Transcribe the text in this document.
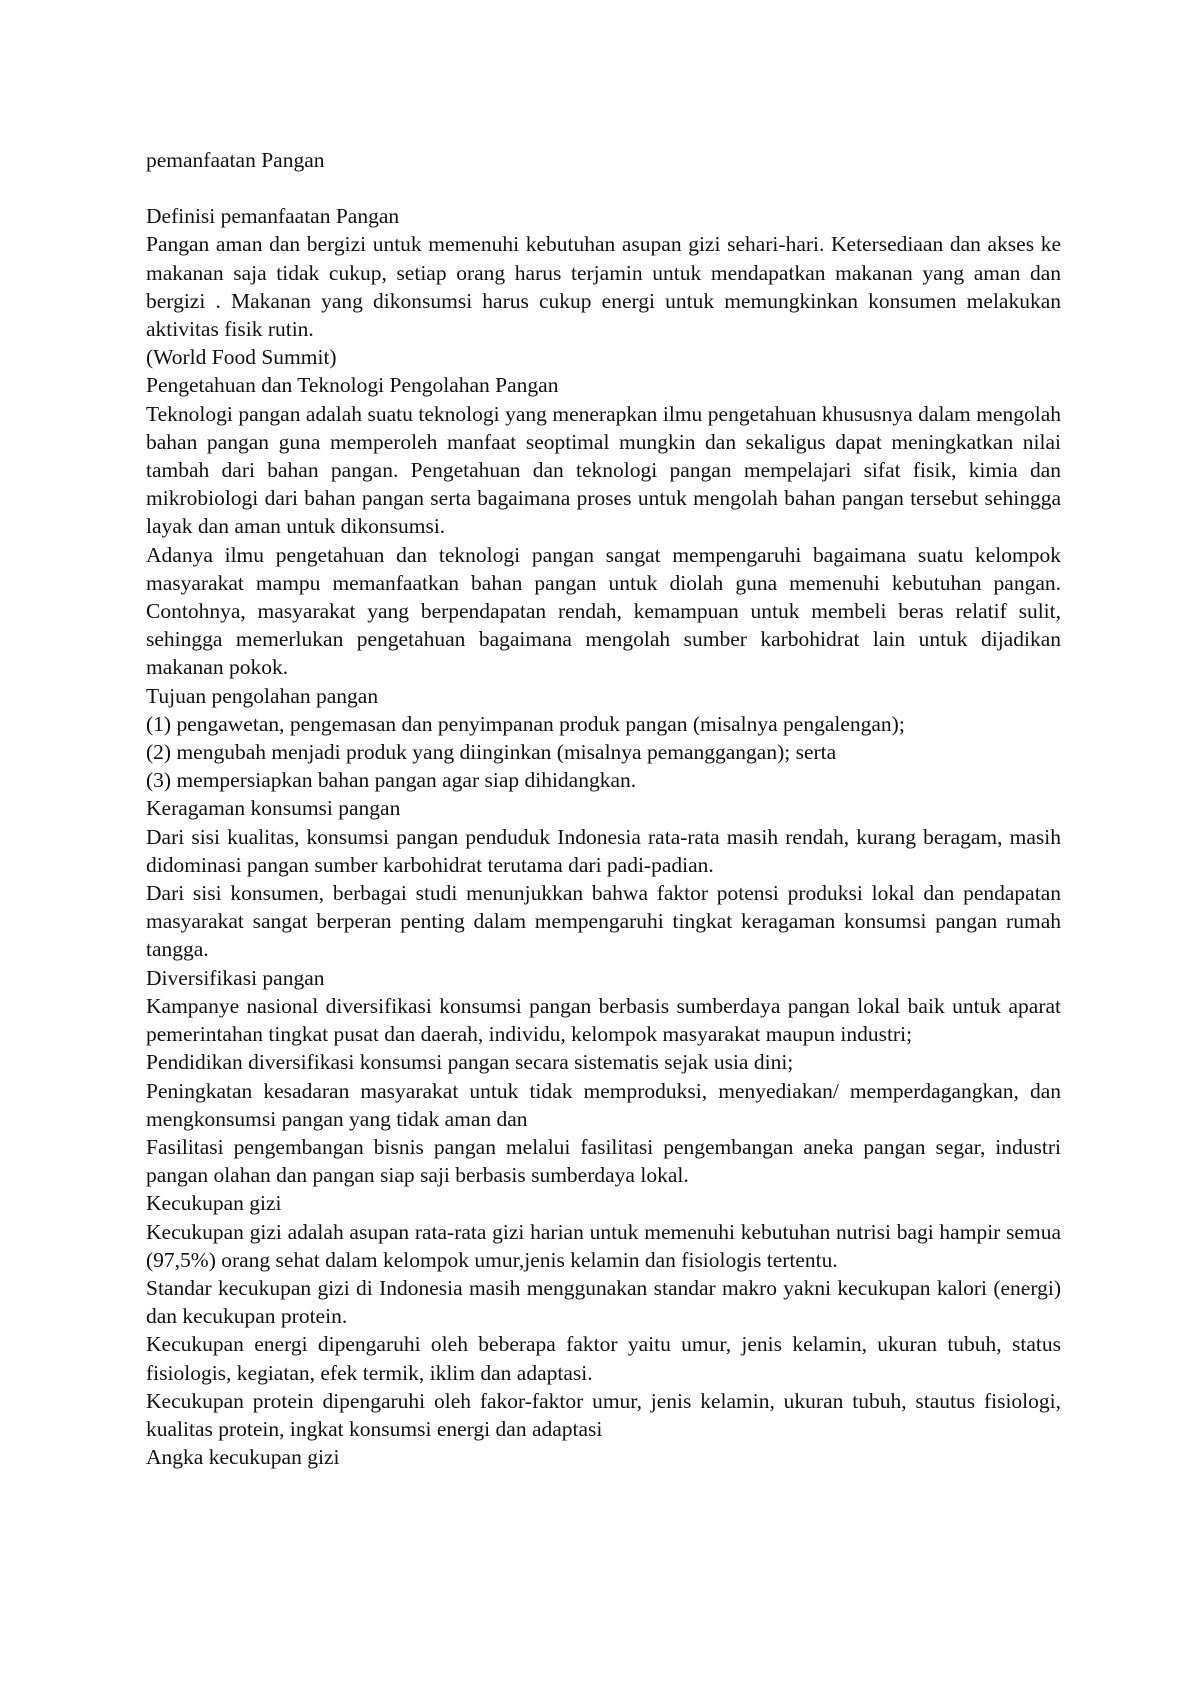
pemanfaatan Pangan

Definisi pemanfaatan Pangan

Pangan aman dan bergizi untuk memenuhi kebutuhan asupan gizi sehari-hari. Ketersediaan dan akses ke makanan saja tidak cukup, setiap orang harus terjamin untuk mendapatkan makanan yang aman dan bergizi . Makanan yang dikonsumsi harus cukup energi untuk memungkinkan konsumen melakukan aktivitas fisik rutin.

(World Food Summit)

Pengetahuan dan Teknologi Pengolahan Pangan

Teknologi pangan adalah suatu teknologi yang menerapkan ilmu pengetahuan khususnya dalam mengolah bahan pangan guna memperoleh manfaat seoptimal mungkin dan sekaligus dapat meningkatkan nilai tambah dari bahan pangan. Pengetahuan dan teknologi pangan mempelajari sifat fisik, kimia dan mikrobiologi dari bahan pangan serta bagaimana proses untuk mengolah bahan pangan tersebut sehingga layak dan aman untuk dikonsumsi.

Adanya ilmu pengetahuan dan teknologi pangan sangat mempengaruhi bagaimana suatu kelompok masyarakat mampu memanfaatkan bahan pangan untuk diolah guna memenuhi kebutuhan pangan. Contohnya, masyarakat yang berpendapatan rendah, kemampuan untuk membeli beras relatif sulit, sehingga memerlukan pengetahuan bagaimana mengolah sumber karbohidrat lain untuk dijadikan makanan pokok.

Tujuan pengolahan pangan

(1) pengawetan, pengemasan dan penyimpanan produk pangan (misalnya pengalengan);

(2) mengubah menjadi produk yang diinginkan (misalnya pemanggangan); serta

(3) mempersiapkan bahan pangan agar siap dihidangkan.

Keragaman konsumsi pangan

Dari sisi kualitas, konsumsi pangan penduduk Indonesia rata-rata masih rendah, kurang beragam, masih didominasi pangan sumber karbohidrat terutama dari padi-padian.

Dari sisi konsumen, berbagai studi menunjukkan bahwa faktor potensi produksi lokal dan pendapatan masyarakat sangat berperan penting dalam mempengaruhi tingkat keragaman konsumsi pangan rumah tangga.

Diversifikasi pangan

Kampanye nasional diversifikasi konsumsi pangan berbasis sumberdaya pangan lokal baik untuk aparat pemerintahan tingkat pusat dan daerah, individu, kelompok masyarakat maupun industri;

Pendidikan diversifikasi konsumsi pangan secara sistematis sejak usia dini;

Peningkatan kesadaran masyarakat untuk tidak memproduksi, menyediakan/ memperdagangkan, dan mengkonsumsi pangan yang tidak aman dan

Fasilitasi pengembangan bisnis pangan melalui fasilitasi pengembangan aneka pangan segar, industri pangan olahan dan pangan siap saji berbasis sumberdaya lokal.

Kecukupan gizi

Kecukupan gizi adalah asupan rata-rata gizi harian untuk memenuhi kebutuhan nutrisi bagi hampir semua (97,5%) orang sehat dalam kelompok umur,jenis kelamin dan fisiologis tertentu.

Standar kecukupan gizi di Indonesia masih menggunakan standar makro yakni kecukupan kalori (energi) dan kecukupan protein.

Kecukupan energi dipengaruhi oleh beberapa faktor yaitu umur, jenis kelamin, ukuran tubuh, status fisiologis, kegiatan, efek termik, iklim dan adaptasi.

Kecukupan protein dipengaruhi oleh fakor-faktor umur, jenis kelamin, ukuran tubuh, stautus fisiologi, kualitas protein, ingkat konsumsi energi dan adaptasi

Angka kecukupan gizi
